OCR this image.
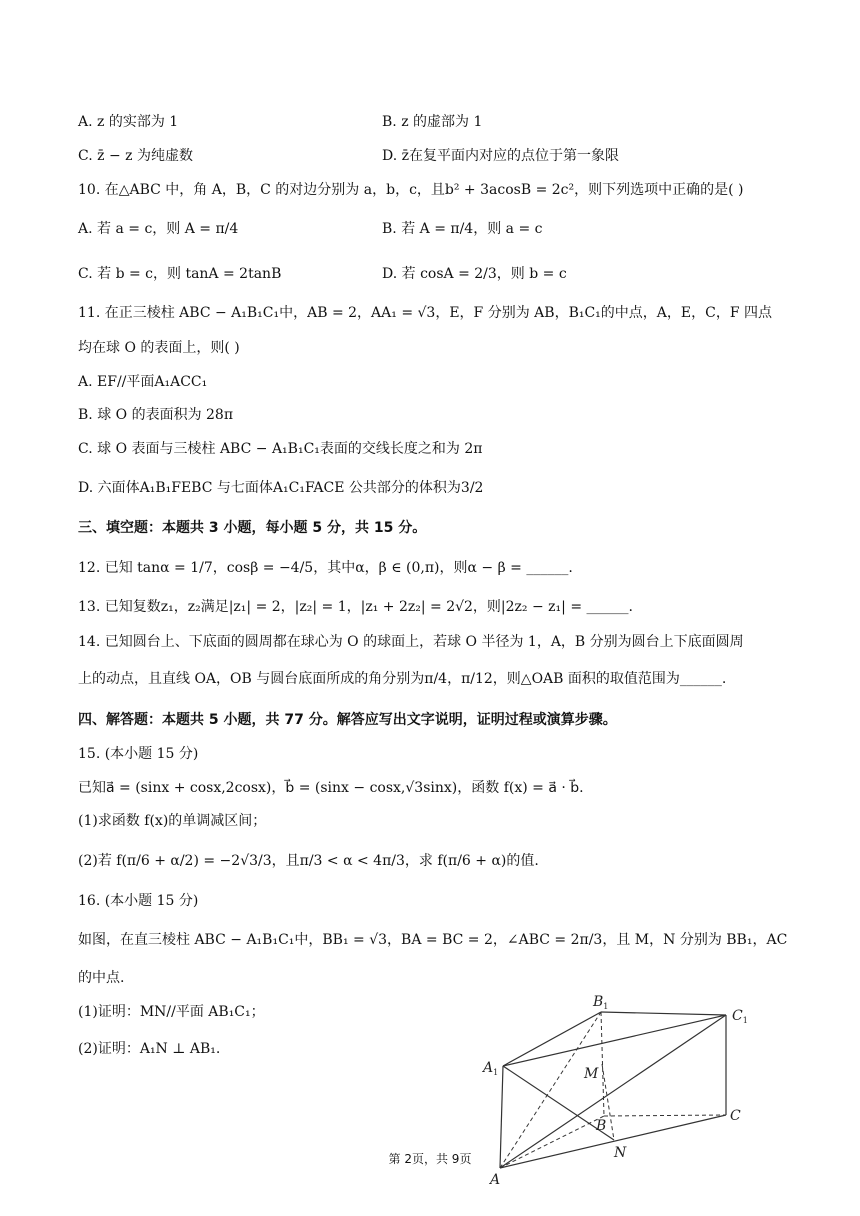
A. z 的实部为 1	B. z 的虚部为 1
C. z̄ − z 为纯虚数	D. z̄在复平面内对应的点位于第一象限
10. 在△ABC 中，角 A，B，C 的对边分别为 a，b，c，且b² + 3acosB = 2c²，则下列选项中正确的是( )
A. 若 a = c，则 A = π/4	B. 若 A = π/4，则 a = c
C. 若 b = c，则 tanA = 2tanB	D. 若 cosA = 2/3，则 b = c
11. 在正三棱柱 ABC − A₁B₁C₁中，AB = 2，AA₁ = √3，E，F 分别为 AB，B₁C₁的中点，A，E，C，F 四点
均在球 O 的表面上，则( )
A. EF//平面A₁ACC₁
B. 球 O 的表面积为 28π
C. 球 O 表面与三棱柱 ABC − A₁B₁C₁表面的交线长度之和为 2π
D. 六面体A₁B₁FEBC 与七面体A₁C₁FACE 公共部分的体积为3/2
三、填空题：本题共 3 小题，每小题 5 分，共 15 分。
12. 已知 tanα = 1/7，cosβ = −4/5，其中α，β ∈ (0,π)，则α − β = ______.
13. 已知复数z₁，z₂满足|z₁| = 2，|z₂| = 1，|z₁ + 2z₂| = 2√2，则|2z₂ − z₁| = ______.
14. 已知圆台上、下底面的圆周都在球心为 O 的球面上，若球 O 半径为 1，A，B 分别为圆台上下底面圆周
上的动点，且直线 OA，OB 与圆台底面所成的角分别为π/4，π/12，则△OAB 面积的取值范围为______.
四、解答题：本题共 5 小题，共 77 分。解答应写出文字说明，证明过程或演算步骤。
15. (本小题 15 分)
已知a⃗ = (sinx + cosx,2cosx)，b⃗ = (sinx − cosx,√3sinx)，函数 f(x) = a⃗ · b⃗.
(1)求函数 f(x)的单调减区间；
(2)若 f(π/6 + α/2) = −2√3/3，且π/3 < α < 4π/3，求 f(π/6 + α)的值.
16. (本小题 15 分)
如图，在直三棱柱 ABC − A₁B₁C₁中，BB₁ = √3，BA = BC = 2，∠ABC = 2π/3，且 M，N 分别为 BB₁，AC
的中点.
(1)证明：MN//平面 AB₁C₁；
(2)证明：A₁N ⊥ AB₁.
$B_1$
$C_1$
$A_1$	M
B
C
N
A
第 2页，共 9页
